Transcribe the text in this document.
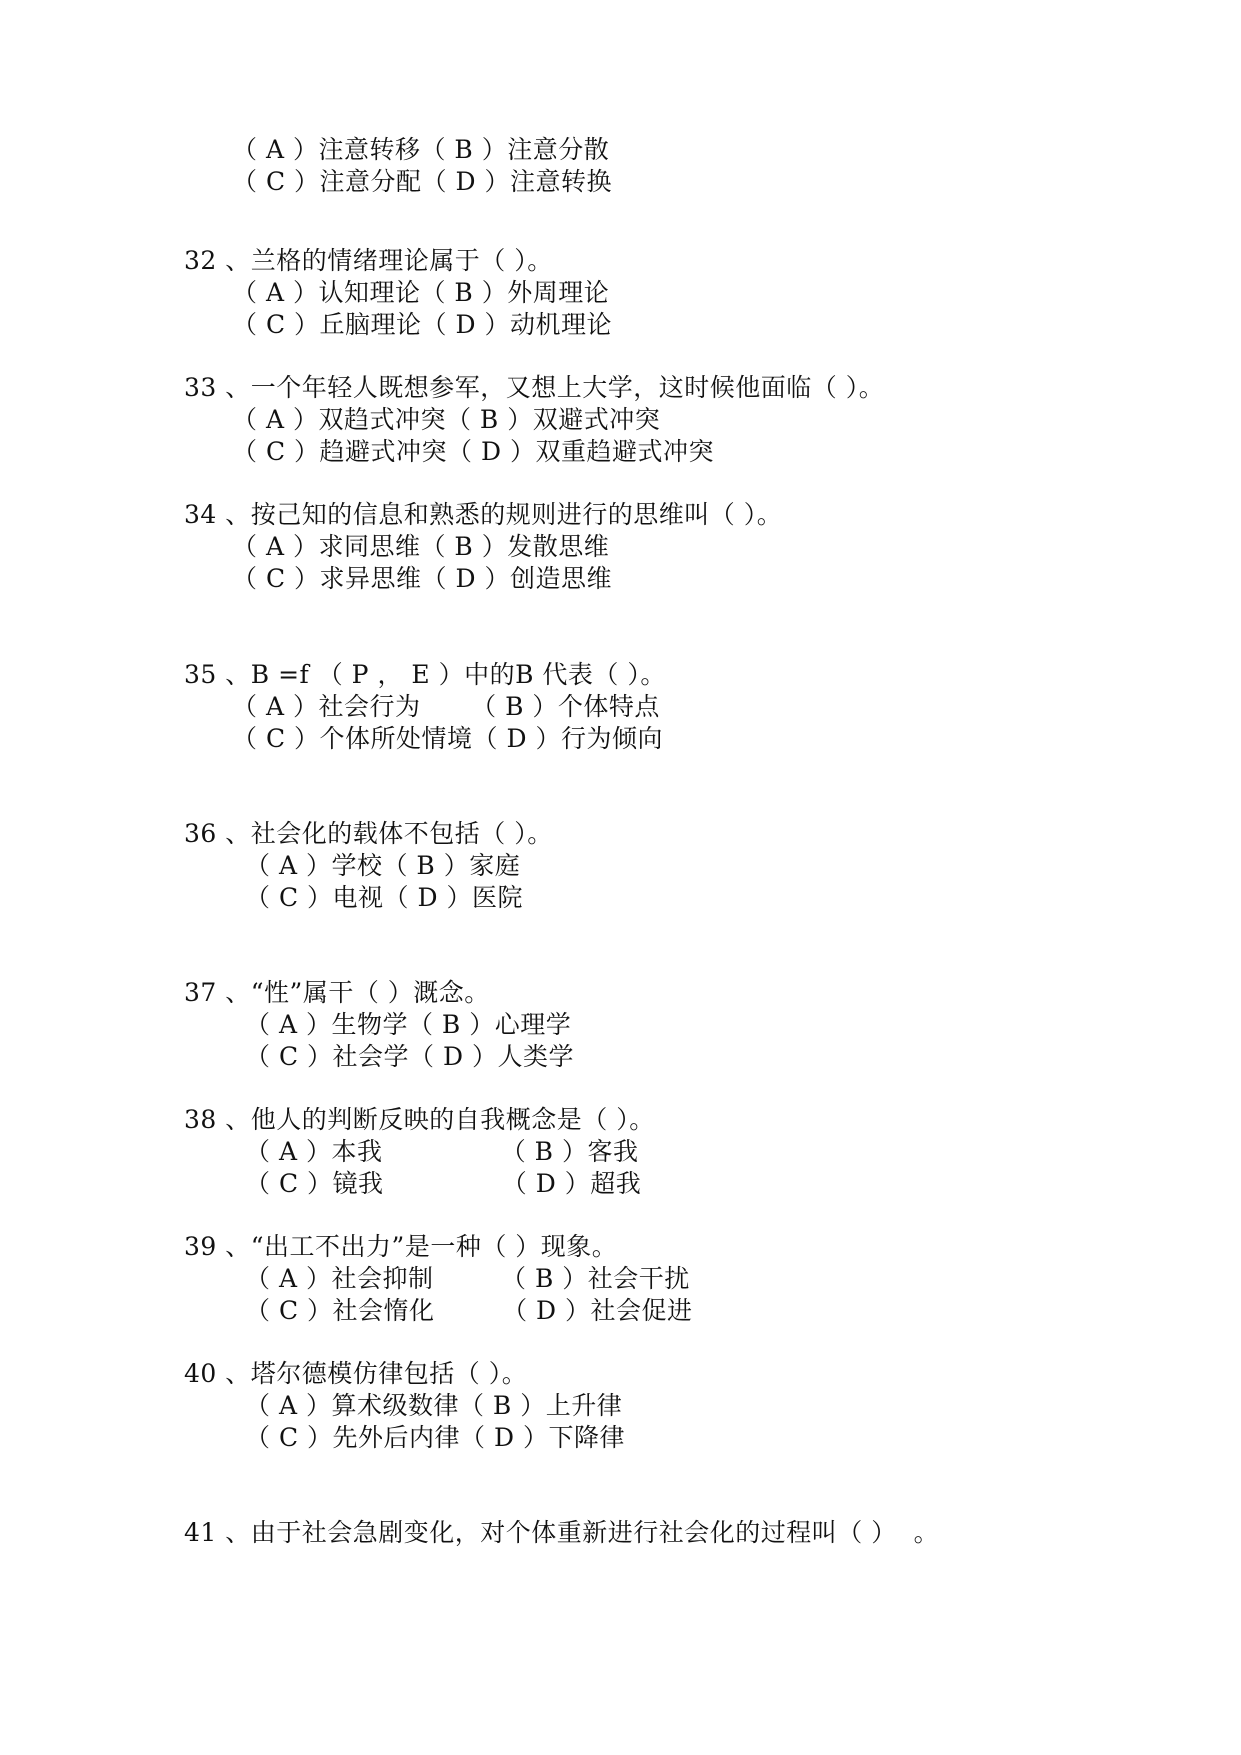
（ A ）注意转移（ B ）注意分散
（ C ）注意分配（ D ）注意转换
32 、兰格的情绪理论属于（ ）。
（ A ）认知理论（ B ）外周理论
（ C ）丘脑理论（ D ）动机理论
33 、一个年轻人既想参军，又想上大学，这时候他面临（ ）。
（ A ）双趋式冲突（ B ）双避式冲突
（ C ）趋避式冲突（ D ）双重趋避式冲突
34 、按己知的信息和熟悉的规则进行的思维叫（ ）。
（ A ）求同思维（ B ）发散思维
（ C ）求异思维（ D ）创造思维
35 、B =f （ P ， E ）中的B 代表（ ）。
（ A ）社会行为      （ B ）个体特点
（ C ）个体所处情境（ D ）行为倾向
36 、社会化的载体不包括（ ）。
（ A ）学校（ B ）家庭
（ C ）电视（ D ）医院
37 、“性”属干（ ）溉念。
（ A ）生物学（ B ）心理学
（ C ）社会学（ D ）人类学
38 、他人的判断反映的自我概念是（ ）。
（ A ）本我              （ B ）客我
（ C ）镜我              （ D ）超我
39 、“出工不出力”是一种（ ）现象。
（ A ）社会抑制        （ B ）社会干扰
（ C ）社会惰化        （ D ）社会促进
40 、塔尔德模仿律包括（ ）。
（ A ）算术级数律（ B ）上升律
（ C ）先外后内律（ D ）下降律
41 、由于社会急剧变化，对个体重新进行社会化的过程叫（ ）  。
